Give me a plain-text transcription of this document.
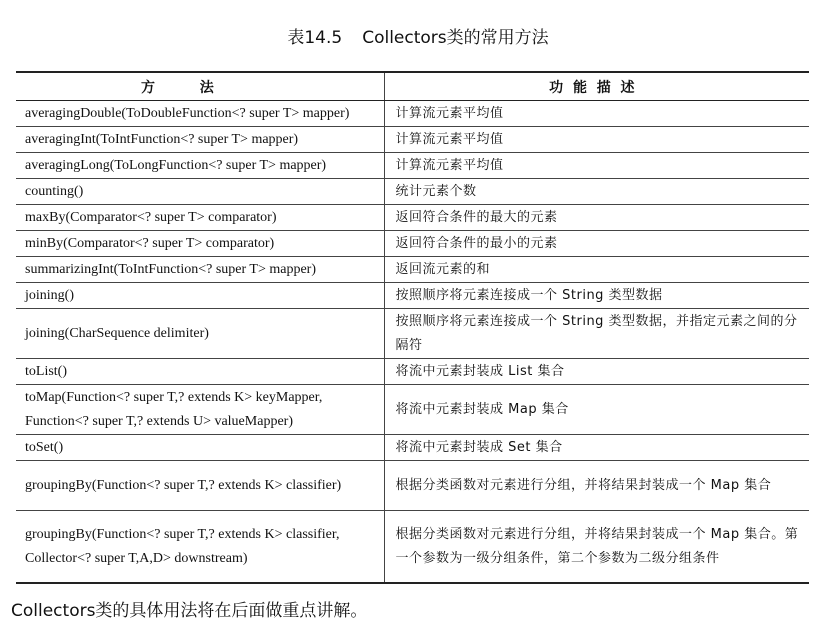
表14.5 Collectors类的常用方法
方法	功能描述
averagingDouble(ToDoubleFunction<? super T> mapper)	计算流元素平均值
averagingInt(ToIntFunction<? super T> mapper)	计算流元素平均值
averagingLong(ToLongFunction<? super T> mapper)	计算流元素平均值
counting()	统计元素个数
maxBy(Comparator<? super T> comparator)	返回符合条件的最大的元素
minBy(Comparator<? super T> comparator)	返回符合条件的最小的元素
summarizingInt(ToIntFunction<? super T> mapper)	返回流元素的和
joining()	按照顺序将元素连接成一个 String 类型数据
joining(CharSequence delimiter)	按照顺序将元素连接成一个 String 类型数据，并指定元素之间的分隔符
toList()	将流中元素封装成 List 集合
toMap(Function<? super T,? extends K> keyMapper, Function<? super T,? extends U> valueMapper)	将流中元素封装成 Map 集合
toSet()	将流中元素封装成 Set 集合
groupingBy(Function<? super T,? extends K> classifier)	根据分类函数对元素进行分组，并将结果封装成一个 Map 集合
groupingBy(Function<? super T,? extends K> classifier, Collector<? super T,A,D> downstream)	根据分类函数对元素进行分组，并将结果封装成一个 Map 集合。第一个参数为一级分组条件，第二个参数为二级分组条件
Collectors类的具体用法将在后面做重点讲解。
